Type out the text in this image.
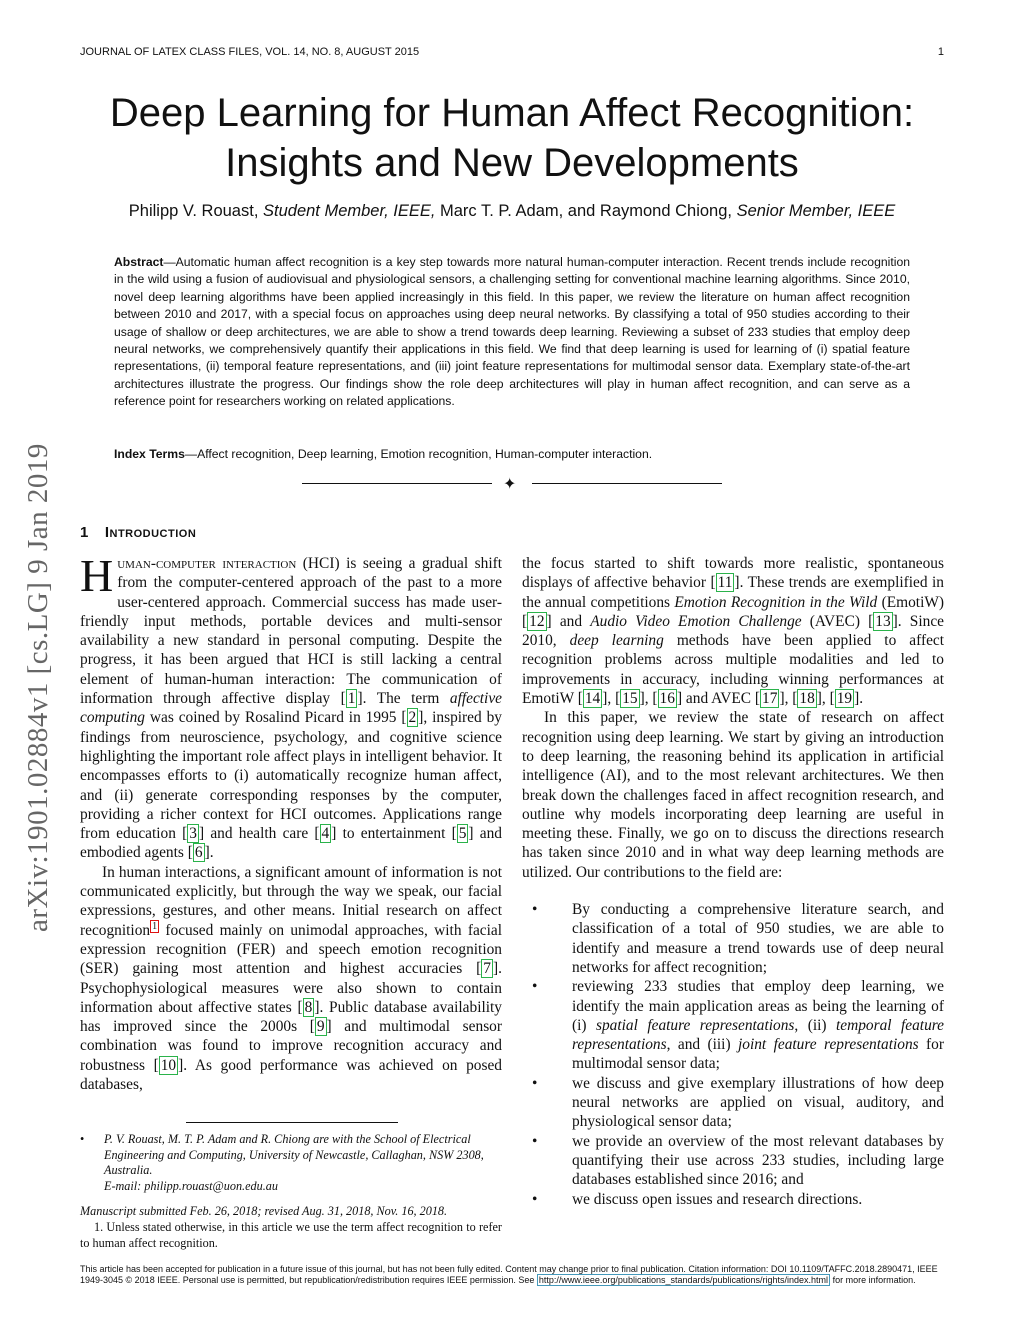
JOURNAL OF LATEX CLASS FILES, VOL. 14, NO. 8, AUGUST 2015	1
Deep Learning for Human Affect Recognition:
Insights and New Developments
Philipp V. Rouast, Student Member, IEEE, Marc T. P. Adam, and Raymond Chiong, Senior Member, IEEE
Abstract—Automatic human affect recognition is a key step towards more natural human-computer interaction. Recent trends include recognition in the wild using a fusion of audiovisual and physiological sensors, a challenging setting for conventional machine learning algorithms. Since 2010, novel deep learning algorithms have been applied increasingly in this field. In this paper, we review the literature on human affect recognition between 2010 and 2017, with a special focus on approaches using deep neural networks. By classifying a total of 950 studies according to their usage of shallow or deep architectures, we are able to show a trend towards deep learning. Reviewing a subset of 233 studies that employ deep neural networks, we comprehensively quantify their applications in this field. We find that deep learning is used for learning of (i) spatial feature representations, (ii) temporal feature representations, and (iii) joint feature representations for multimodal sensor data. Exemplary state-of-the-art architectures illustrate the progress. Our findings show the role deep architectures will play in human affect recognition, and can serve as a reference point for researchers working on related applications.
Index Terms—Affect recognition, Deep learning, Emotion recognition, Human-computer interaction.
✦
arXiv:1901.02884v1 [cs.LG] 9 Jan 2019 1 Introduction

Human-computer interaction (HCI) is seeing a gradual shift from the computer-centered approach of the past to a more user-centered approach. Commercial success has made user-friendly input methods, portable devices and multi-sensor availability a new standard in personal computing. Despite the progress, it has been argued that HCI is still lacking a central element of human-human interaction: The communication of information through affective display [ 1 ]. The term affective computing was coined by Rosalind Picard in 1995 [ 2 ], inspired by findings from neuroscience, psychology, and cognitive science highlighting the important role affect plays in intelligent behavior. It encompasses efforts to (i) automatically recognize human affect, and (ii) generate corresponding responses by the computer, providing a richer context for HCI outcomes. Applications range from education [ 3 ] and health care [ 4 ] to entertainment [ 5 ] and embodied agents [ 6 ].

In human interactions, a significant amount of information is not communicated explicitly, but through the way we speak, our facial expressions, gestures, and other means. Initial research on affect recognition $^1$ focused mainly on unimodal approaches, with facial expression recognition (FER) and speech emotion recognition (SER) gaining most attention and highest accuracies [ 7 ]. Psychophysiological measures were also shown to contain information about affective states [ 8 ]. Public database availability has improved since the 2000s [ 9 ] and multimodal sensor combination was found to improve recognition accuracy and robustness [ 10 ]. As good performance was achieved on posed databases,

the focus started to shift towards more realistic, spontaneous displays of affective behavior [ 11 ]. These trends are exemplified in the annual competitions Emotion Recognition in the Wild (EmotiW) [ 12 ] and Audio Video Emotion Challenge (AVEC) [ 13 ]. Since 2010, deep learning methods have been applied to affect recognition problems across multiple modalities and led to improvements in accuracy, including winning performances at EmotiW [ 14 ], [ 15 ], [ 16 ] and AVEC [ 17 ], [ 18 ], [ 19 ].

In this paper, we review the state of research on affect recognition using deep learning. We start by giving an introduction to deep learning, the reasoning behind its application in artificial intelligence (AI), and to the most relevant architectures. We then break down the challenges faced in affect recognition research, and outline why models incorporating deep learning are useful in meeting these. Finally, we go on to discuss the directions research has taken since 2010 and in what way deep learning methods are utilized. Our contributions to the field are:

• By conducting a comprehensive literature search, and classification of a total of 950 studies, we are able to identify and measure a trend towards use of deep neural networks for affect recognition;
• reviewing 233 studies that employ deep learning, we identify the main application areas as being the learning of (i) spatial feature representations, (ii) temporal feature representations, and (iii) joint feature representations for multimodal sensor data;
• we discuss and give exemplary illustrations of how deep neural networks are applied on visual, auditory, and physiological sensor data;
• we provide an overview of the most relevant databases by quantifying their use across 233 studies, including large databases established since 2016; and
• we discuss open issues and research directions.
• P. V. Rouast, M. T. P. Adam and R. Chiong are with the School of Electrical Engineering and Computing, University of Newcastle, Callaghan, NSW 2308, Australia.
E-mail: philipp.rouast@uon.edu.au
Manuscript submitted Feb. 26, 2018; revised Aug. 31, 2018, Nov. 16, 2018.
1. Unless stated otherwise, in this article we use the term affect recognition to refer to human affect recognition.
This article has been accepted for publication in a future issue of this journal, but has not been fully edited. Content may change prior to final publication. Citation information: DOI 10.1109/TAFFC.2018.2890471, IEEE
1949-3045 © 2018 IEEE. Personal use is permitted, but republication/redistribution requires IEEE permission. See http://www.ieee.org/publications_standards/publications/rights/index.html for more information.
